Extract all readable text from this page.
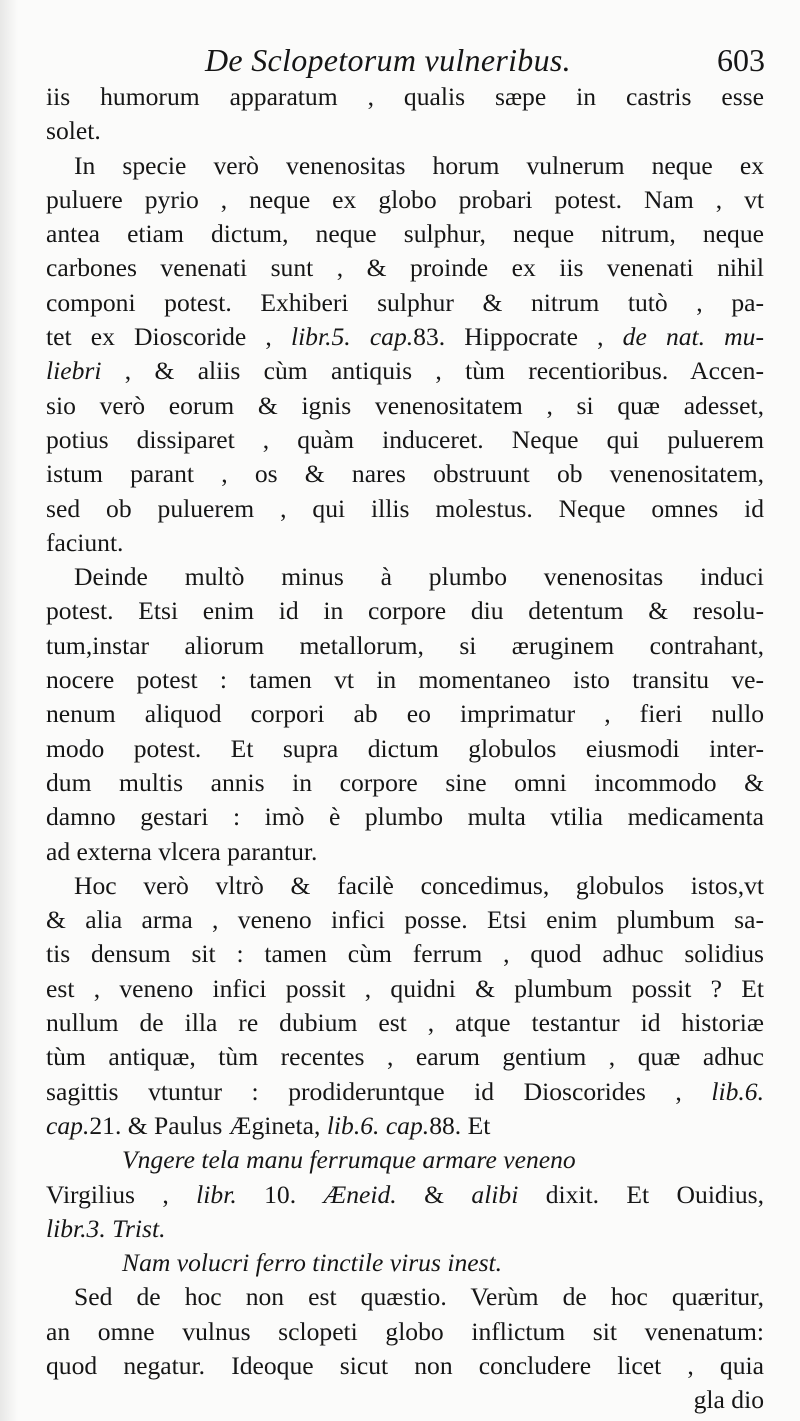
De Sclopetorum vulneribus.	603
iis humorum apparatum , qualis sæpe in castris esse
solet.
In specie verò venenositas horum vulnerum neque ex
puluere pyrio , neque ex globo probari potest. Nam , vt
antea etiam dictum, neque sulphur, neque nitrum, neque
carbones venenati sunt , & proinde ex iis venenati nihil
componi potest. Exhiberi sulphur & nitrum tutò , pa-
tet ex Dioscoride , libr.5. cap.83. Hippocrate , de nat. mu-
liebri , & aliis cùm antiquis , tùm recentioribus. Accen-
sio verò eorum & ignis venenositatem , si quæ adesset,
potius dissiparet , quàm induceret. Neque qui puluerem
istum parant , os & nares obstruunt ob venenositatem,
sed ob puluerem , qui illis molestus. Neque omnes id
faciunt.
Deinde multò minus à plumbo venenositas induci
potest. Etsi enim id in corpore diu detentum & resolu-
tum,instar aliorum metallorum, si æruginem contrahant,
nocere potest : tamen vt in momentaneo isto transitu ve-
nenum aliquod corpori ab eo imprimatur , fieri nullo
modo potest. Et supra dictum globulos eiusmodi inter-
dum multis annis in corpore sine omni incommodo &
damno gestari : imò è plumbo multa vtilia medicamenta
ad externa vlcera parantur.
Hoc verò vltrò & facilè concedimus, globulos istos,vt
& alia arma , veneno infici posse. Etsi enim plumbum sa-
tis densum sit : tamen cùm ferrum , quod adhuc solidius
est , veneno infici possit , quidni & plumbum possit ? Et
nullum de illa re dubium est , atque testantur id historiæ
tùm antiquæ, tùm recentes , earum gentium , quæ adhuc
sagittis vtuntur : prodideruntque id Dioscorides , lib.6.
cap.21. & Paulus Ægineta, lib.6. cap.88. Et
Vngere tela manu ferrumque armare veneno
Virgilius , libr. 10. Æneid. & alibi dixit. Et Ouidius,
libr.3. Trist.
Nam volucri ferro tinctile virus inest.
Sed de hoc non est quæstio. Verùm de hoc quæritur,
an omne vulnus sclopeti globo inflictum sit venenatum:
quod negatur. Ideoque sicut non concludere licet , quia
gla dio
